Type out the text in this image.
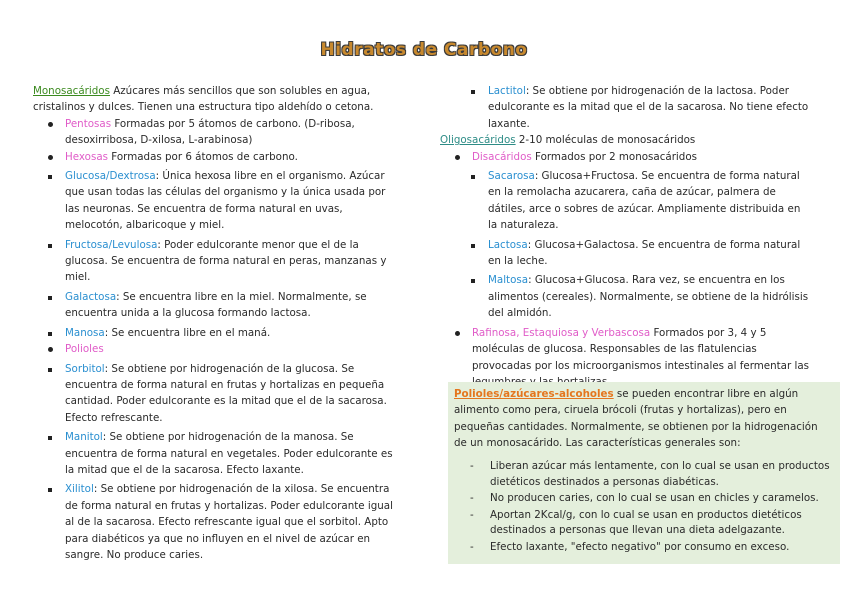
Hidratos de Carbono

Monosacáridos Azúcares más sencillos que son solubles en agua, cristalinos y dulces. Tienen una estructura tipo aldehído o cetona.

Pentosas Formadas por 5 átomos de carbono. (D-ribosa, desoxirribosa, D-xilosa, L-arabinosa)
Hexosas Formadas por 6 átomos de carbono.
Glucosa/Dextrosa: Única hexosa libre en el organismo. Azúcar que usan todas las células del organismo y la única usada por las neuronas. Se encuentra de forma natural en uvas, melocotón, albaricoque y miel.
Fructosa/Levulosa: Poder edulcorante menor que el de la glucosa. Se encuentra de forma natural en peras, manzanas y miel.
Galactosa: Se encuentra libre en la miel. Normalmente, se encuentra unida a la glucosa formando lactosa.
Manosa: Se encuentra libre en el maná.
Polioles
Sorbitol: Se obtiene por hidrogenación de la glucosa. Se encuentra de forma natural en frutas y hortalizas en pequeña cantidad. Poder edulcorante es la mitad que el de la sacarosa. Efecto refrescante.
Manitol: Se obtiene por hidrogenación de la manosa. Se encuentra de forma natural en vegetales. Poder edulcorante es la mitad que el de la sacarosa. Efecto laxante.
Xilitol: Se obtiene por hidrogenación de la xilosa. Se encuentra de forma natural en frutas y hortalizas. Poder edulcorante igual al de la sacarosa. Efecto refrescante igual que el sorbitol. Apto para diabéticos ya que no influyen en el nivel de azúcar en sangre. No produce caries.
Lactitol: Se obtiene por hidrogenación de la lactosa. Poder edulcorante es la mitad que el de la sacarosa. No tiene efecto laxante.

Oligosacáridos 2-10 moléculas de monosacáridos

Disacáridos Formados por 2 monosacáridos
Sacarosa: Glucosa+Fructosa. Se encuentra de forma natural en la remolacha azucarera, caña de azúcar, palmera de dátiles, arce o sobres de azúcar. Ampliamente distribuida en la naturaleza.
Lactosa: Glucosa+Galactosa. Se encuentra de forma natural en la leche.
Maltosa: Glucosa+Glucosa. Rara vez, se encuentra en los alimentos (cereales). Normalmente, se obtiene de la hidrólisis del almidón.
Rafinosa, Estaquiosa y Verbascosa Formados por 3, 4 y 5 moléculas de glucosa. Responsables de las flatulencias provocadas por los microorganismos intestinales al fermentar las

Polioles/azúcares-alcoholes se pueden encontrar libre en algún alimento como pera, ciruela brócoli (frutas y hortalizas), pero en pequeñas cantidades. Normalmente, se obtienen por la hidrogenación de un monosacárido. Las características generales son:

- Liberan azúcar más lentamente, con lo cual se usan en productos dietéticos destinados a personas diabéticas.
- No producen caries, con lo cual se usan en chicles y caramelos.
- Aportan 2Kcal/g, con lo cual se usan en productos dietéticos destinados a personas que llevan una dieta adelgazante.
- Efecto laxante, "efecto negativo" por consumo en exceso.
